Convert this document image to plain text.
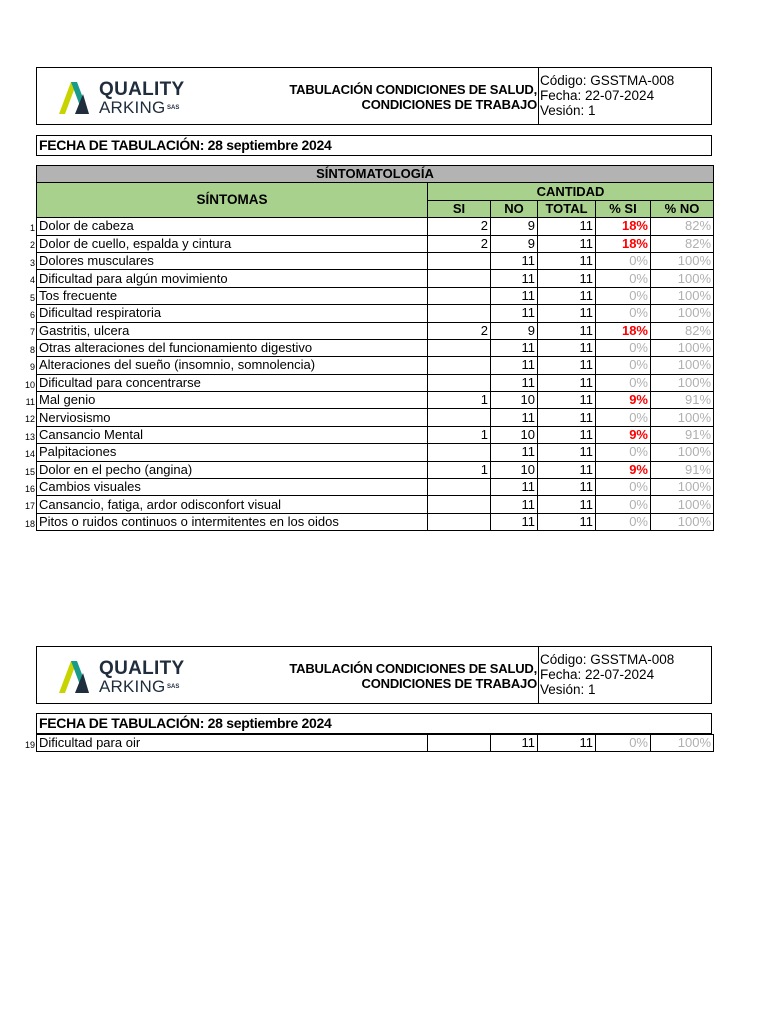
QUALITY
ARKING SAS
TABULACIÓN CONDICIONES DE SALUD,
CONDICIONES DE TRABAJO
Código: GSSTMA-008
Fecha: 22-07-2024
Vesión: 1
FECHA DE TABULACIÓN: 28 septiembre 2024
SÍNTOMATOLOGÍA					
SÍNTOMAS	CANTIDAD				
	SI	NO	TOTAL	% SI	% NO
Dolor de cabeza	2	9	11	18%	82%
Dolor de cuello, espalda y cintura	2	9	11	18%	82%
Dolores musculares		11	11	0%	100%
Dificultad para algún movimiento		11	11	0%	100%
Tos frecuente		11	11	0%	100%
Dificultad respiratoria		11	11	0%	100%
Gastritis, ulcera	2	9	11	18%	82%
Otras alteraciones del funcionamiento digestivo		11	11	0%	100%
Alteraciones del sueño (insomnio, somnolencia)		11	11	0%	100%
Dificultad para concentrarse		11	11	0%	100%
Mal genio	1	10	11	9%	91%
Nerviosismo		11	11	0%	100%
Cansancio Mental	1	10	11	9%	91%
Palpitaciones		11	11	0%	100%
Dolor en el pecho (angina)	1	10	11	9%	91%
Cambios visuales		11	11	0%	100%
Cansancio, fatiga, ardor odisconfort visual		11	11	0%	100%
Pitos o ruidos continuos o intermitentes en los oidos		11	11	0%	100%
1
2
3
4
5
6
7
8
9
10
11
12
13
14
15
16
17
18
QUALITY
ARKING SAS
TABULACIÓN CONDICIONES DE SALUD,
CONDICIONES DE TRABAJO
Código: GSSTMA-008
Fecha: 22-07-2024
Vesión: 1
FECHA DE TABULACIÓN: 28 septiembre 2024
Dificultad para oir		11	11	0%	100%
19
